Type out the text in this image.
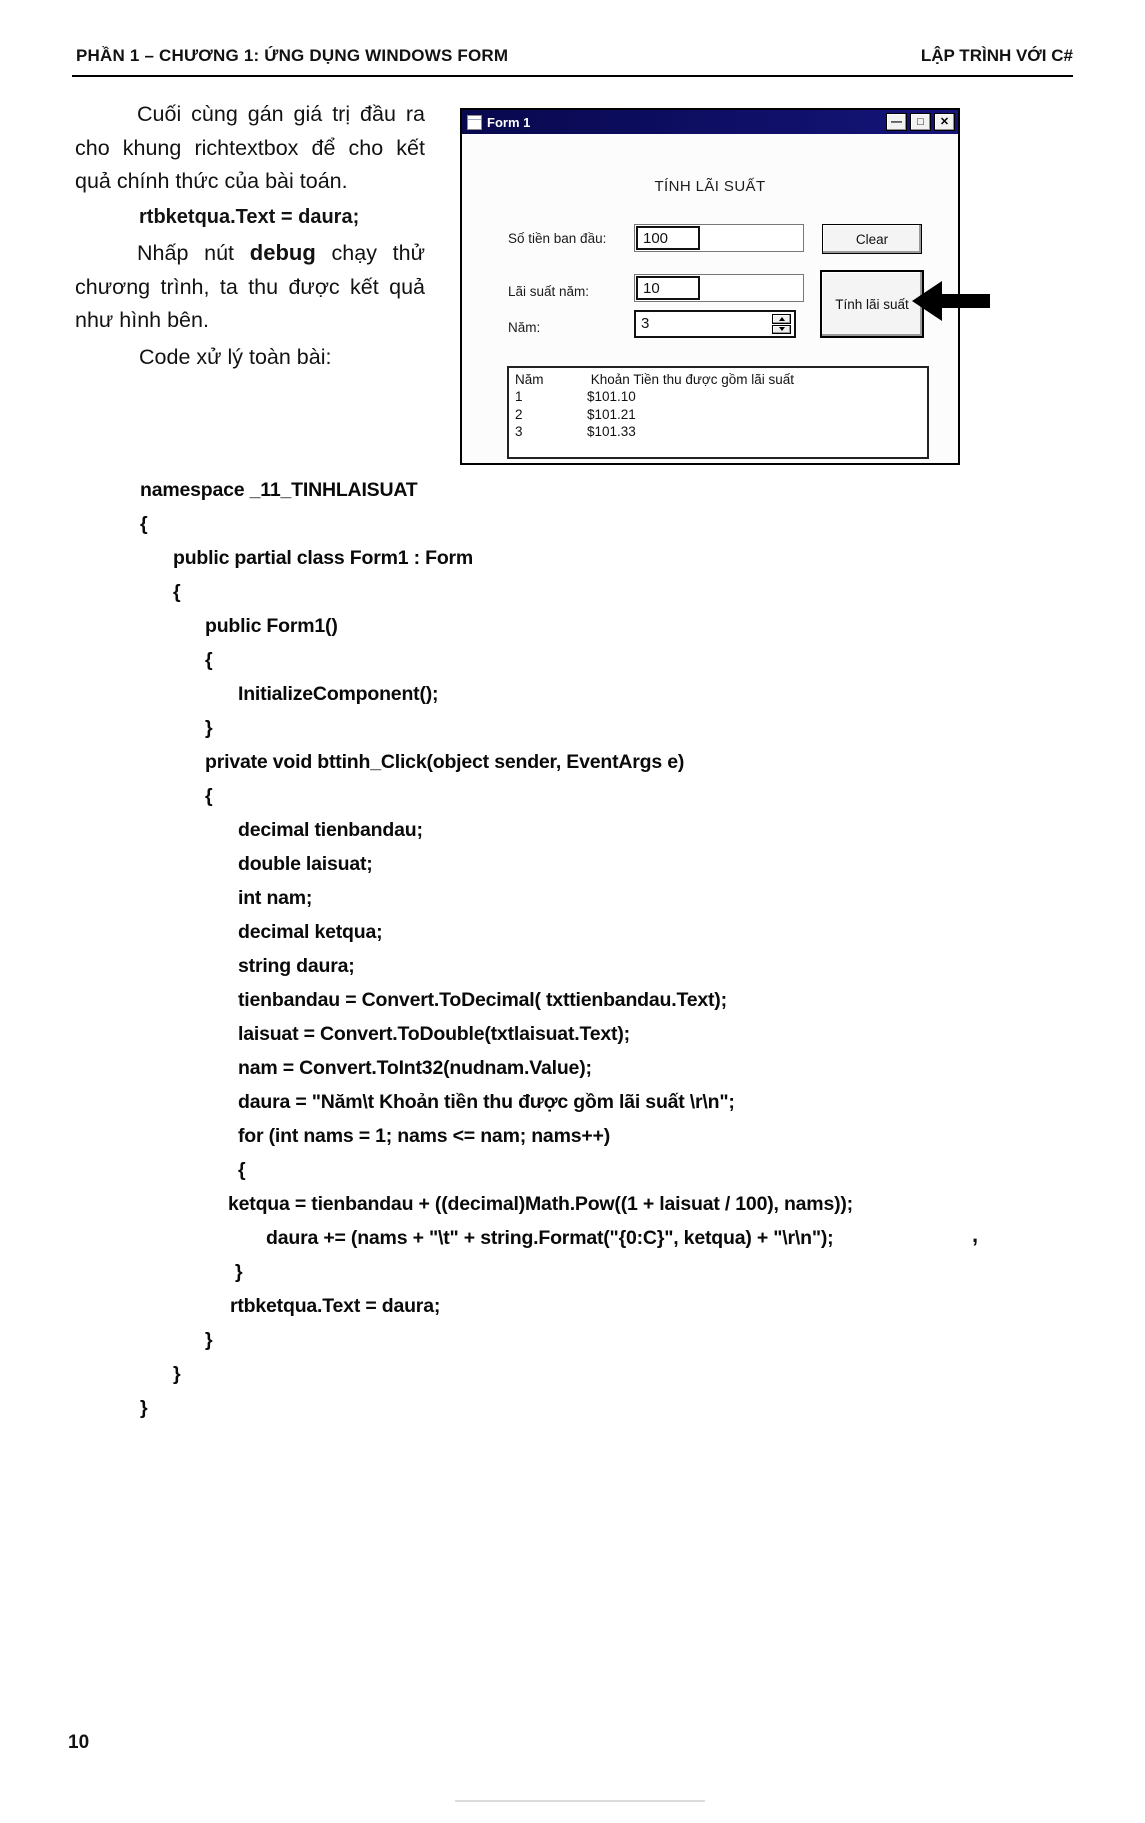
PHẦN 1 – CHƯƠNG 1: ỨNG DỤNG WINDOWS FORM	LẬP TRÌNH VỚI C#

Cuối cùng gán giá trị đầu ra cho khung richtextbox để cho kết quả chính thức của bài toán.

rtbketqua.Text = daura;

Nhấp nút debug chạy thử chương trình, ta thu được kết quả như hình bên.

Code xử lý toàn bài:

Form 1	— □ ✕
TÍNH LÃI SUẤT
Số tiền ban đầu:	100	Clear
Lãi suất năm:	10
Tính lãi suất
Năm:	3
Năm	Khoản Tiền thu được gồm lãi suất
1	$101.10
2	$101.21
3	$101.33
namespace _11_TINHLAISUAT
{
public partial class Form1 : Form
{
public Form1()
{
InitializeComponent();
}
private void bttinh_Click(object sender, EventArgs e)
{
decimal tienbandau;
double laisuat;
int nam;
decimal ketqua;
string daura;
tienbandau = Convert.ToDecimal( txttienbandau.Text);
laisuat = Convert.ToDouble(txtlaisuat.Text);
nam = Convert.ToInt32(nudnam.Value);
daura = "Năm\t Khoản tiền thu được gồm lãi suất \r\n";
for (int nams = 1; nams <= nam; nams++)
{
ketqua = tienbandau + ((decimal)Math.Pow((1 + laisuat / 100), nams));
daura += (nams + "\t" + string.Format("{0:C}", ketqua) + "\r\n");
}
rtbketqua.Text = daura;
}
}
}
,
10
